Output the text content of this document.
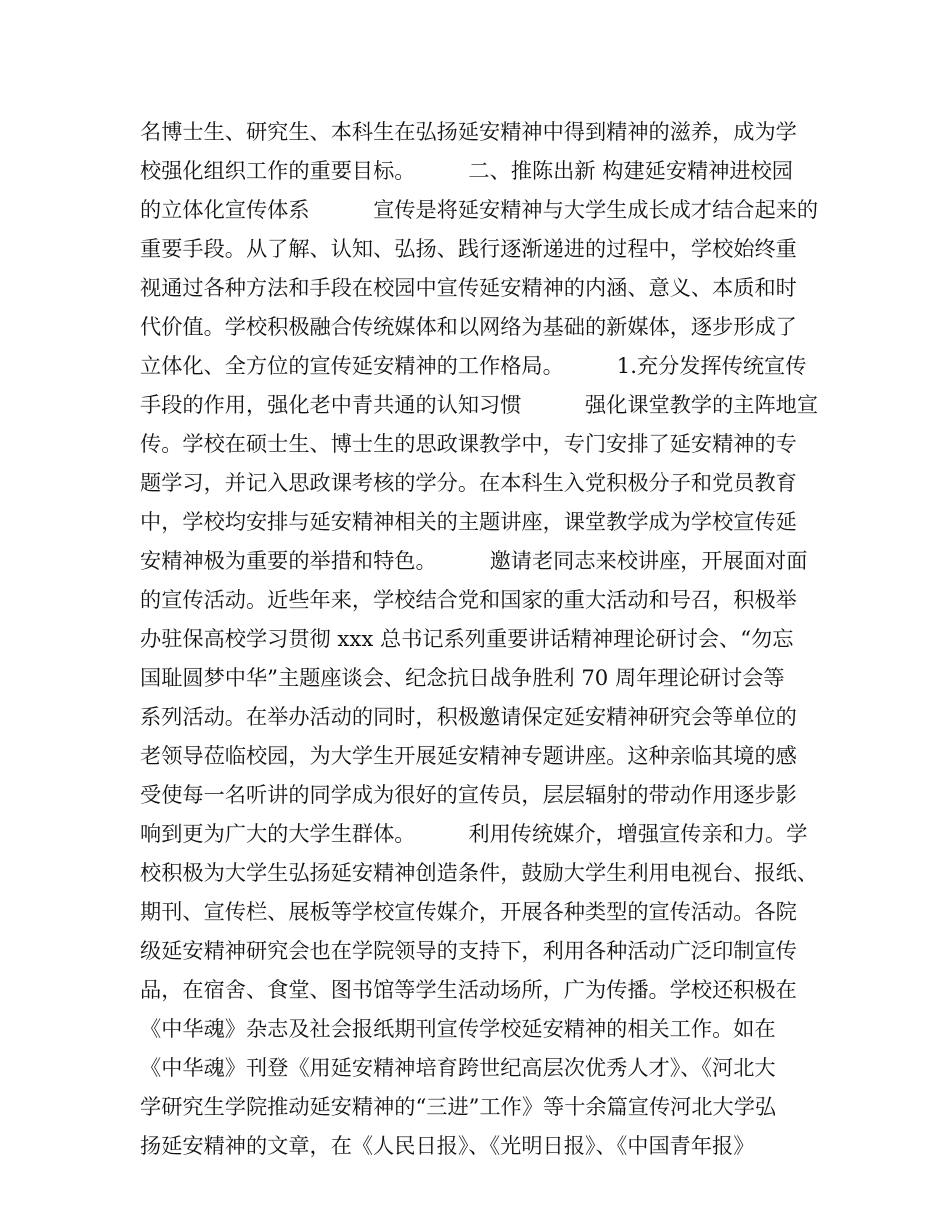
名博士生、研究生、本科生在弘扬延安精神中得到精神的滋养，成为学
校强化组织工作的重要目标。　　　二、推陈出新 构建延安精神进校园
的立体化宣传体系　　　宣传是将延安精神与大学生成长成才结合起来的
重要手段。从了解、认知、弘扬、践行逐渐递进的过程中，学校始终重
视通过各种方法和手段在校园中宣传延安精神的内涵、意义、本质和时
代价值。学校积极融合传统媒体和以网络为基础的新媒体，逐步形成了
立体化、全方位的宣传延安精神的工作格局。　　　1.充分发挥传统宣传
手段的作用，强化老中青共通的认知习惯　　　强化课堂教学的主阵地宣
传。学校在硕士生、博士生的思政课教学中，专门安排了延安精神的专
题学习，并记入思政课考核的学分。在本科生入党积极分子和党员教育
中，学校均安排与延安精神相关的主题讲座，课堂教学成为学校宣传延
安精神极为重要的举措和特色。　　　邀请老同志来校讲座，开展面对面
的宣传活动。近些年来，学校结合党和国家的重大活动和号召，积极举
办驻保高校学习贯彻 xxx 总书记系列重要讲话精神理论研讨会、“勿忘
国耻圆梦中华”主题座谈会、纪念抗日战争胜利 70 周年理论研讨会等
系列活动。在举办活动的同时，积极邀请保定延安精神研究会等单位的
老领导莅临校园，为大学生开展延安精神专题讲座。这种亲临其境的感
受使每一名听讲的同学成为很好的宣传员，层层辐射的带动作用逐步影
响到更为广大的大学生群体。　　　利用传统媒介，增强宣传亲和力。学
校积极为大学生弘扬延安精神创造条件，鼓励大学生利用电视台、报纸、
期刊、宣传栏、展板等学校宣传媒介，开展各种类型的宣传活动。各院
级延安精神研究会也在学院领导的支持下，利用各种活动广泛印制宣传
品，在宿舍、食堂、图书馆等学生活动场所，广为传播。学校还积极在
《中华魂》杂志及社会报纸期刊宣传学校延安精神的相关工作。如在
《中华魂》刊登《用延安精神培育跨世纪高层次优秀人才》、《河北大
学研究生学院推动延安精神的“三进”工作》等十余篇宣传河北大学弘
扬延安精神的文章，在《人民日报》、《光明日报》、《中国青年报》
